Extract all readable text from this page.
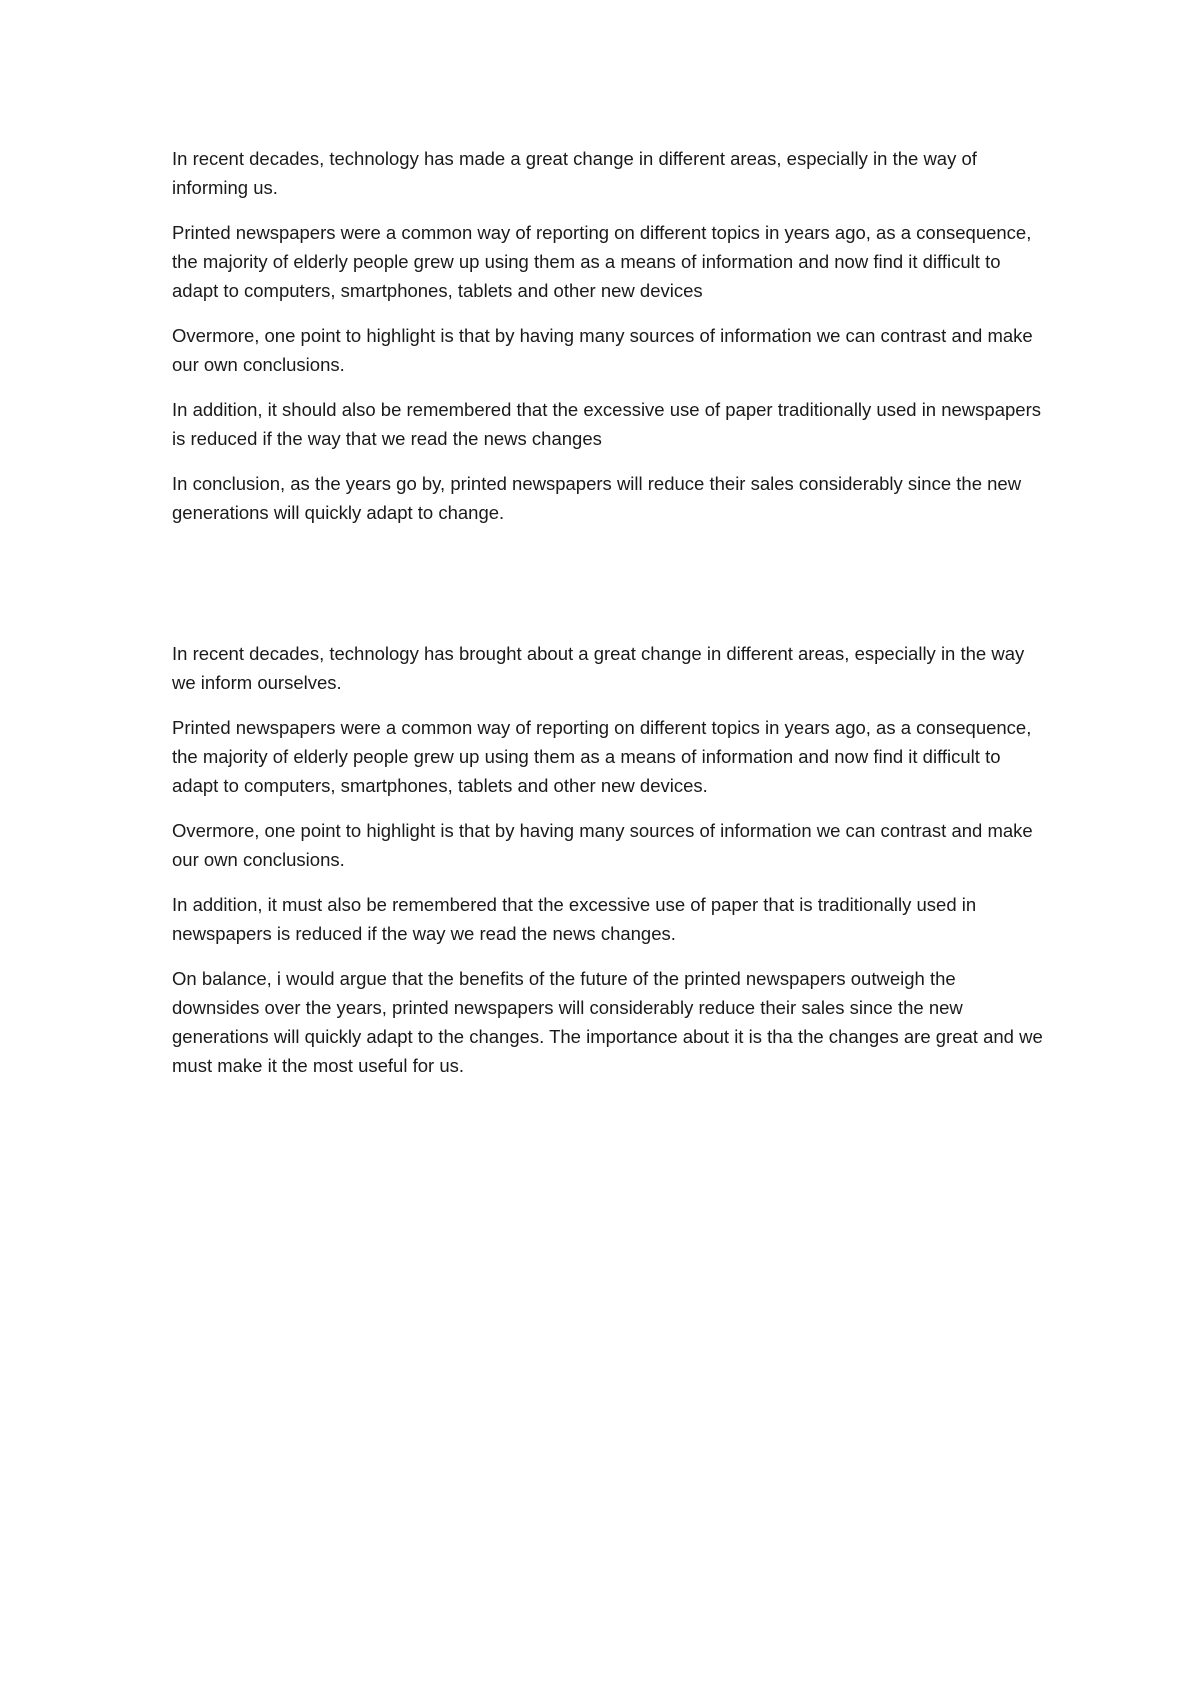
In recent decades, technology has made a great change in different areas, especially in the way of informing us.

Printed newspapers were a common way of reporting on different topics in years ago, as a consequence, the majority of elderly people grew up using them as a means of information and now find it difficult to adapt to computers, smartphones, tablets and other new devices

Overmore, one point to highlight is that by having many sources of information we can contrast and make our own conclusions.

In addition, it should also be remembered that the excessive use of paper traditionally used in newspapers is reduced if the way that we read the news changes

In conclusion, as the years go by, printed newspapers will reduce their sales considerably since the new generations will quickly adapt to change.

In recent decades, technology has brought about a great change in different areas, especially in the way we inform ourselves.

Printed newspapers were a common way of reporting on different topics in years ago, as a consequence, the majority of elderly people grew up using them as a means of information and now find it difficult to adapt to computers, smartphones, tablets and other new devices.

Overmore, one point to highlight is that by having many sources of information we can contrast and make our own conclusions.

In addition, it must also be remembered that the excessive use of paper that is traditionally used in newspapers is reduced if the way we read the news changes.

On balance, i would argue that the benefits of the future of the printed newspapers outweigh the downsides over the years, printed newspapers will considerably reduce their sales since the new generations will quickly adapt to the changes. The importance about it is tha the changes are great and we must make it the most useful for us.
